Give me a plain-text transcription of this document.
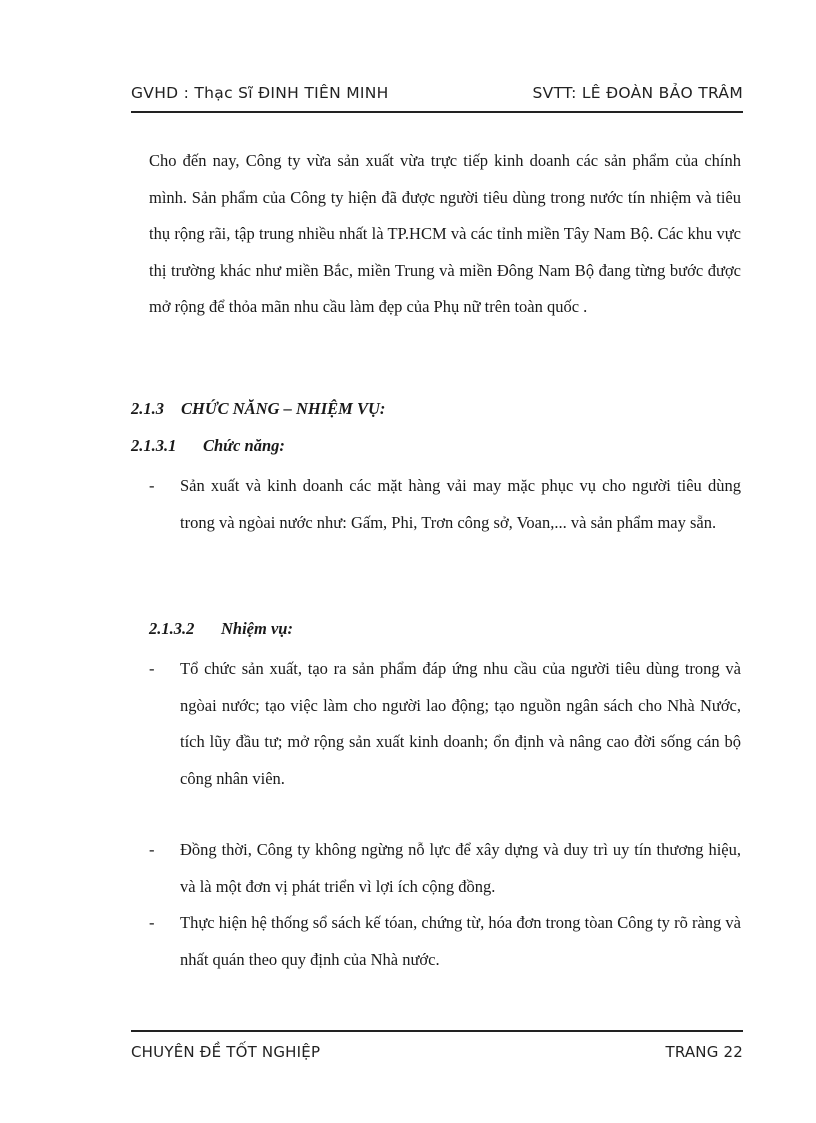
GVHD : Thạc Sĩ ĐINH TIÊN MINH	SVTT: LÊ ĐOÀN BẢO TRÂM

Cho đến nay, Công ty vừa sản xuất vừa trực tiếp kinh doanh các sản phẩm của chính mình. Sản phẩm của Công ty hiện đã được người tiêu dùng trong nước tín nhiệm và tiêu thụ rộng rãi, tập trung nhiều nhất là TP.HCM và các tỉnh miền Tây Nam Bộ. Các khu vực thị trường khác như miền Bắc, miền Trung và miền Đông Nam Bộ đang từng bước được mở rộng để thỏa mãn nhu cầu làm đẹp của Phụ nữ trên toàn quốc .

2.1.3 CHỨC NĂNG – NHIỆM VỤ:

2.1.3.1 Chức năng:

- Sản xuất và kinh doanh các mặt hàng vải may mặc phục vụ cho người tiêu dùng trong và ngòai nước như: Gấm, Phi, Trơn công sở, Voan,... và sản phẩm may sẵn.

2.1.3.2 Nhiệm vụ:

- Tổ chức sản xuất, tạo ra sản phẩm đáp ứng nhu cầu của người tiêu dùng trong và ngòai nước; tạo việc làm cho người lao động; tạo nguồn ngân sách cho Nhà Nước, tích lũy đầu tư; mở rộng sản xuất kinh doanh; ổn định và nâng cao đời sống cán bộ công nhân viên.
- Đồng thời, Công ty không ngừng nỗ lực để xây dựng và duy trì uy tín thương hiệu, và là một đơn vị phát triển vì lợi ích cộng đồng.
- Thực hiện hệ thống sổ sách kế tóan, chứng từ, hóa đơn trong tòan Công ty rõ ràng và nhất quán theo quy định của Nhà nước.
CHUYÊN ĐỀ TỐT NGHIỆP	TRANG 22
